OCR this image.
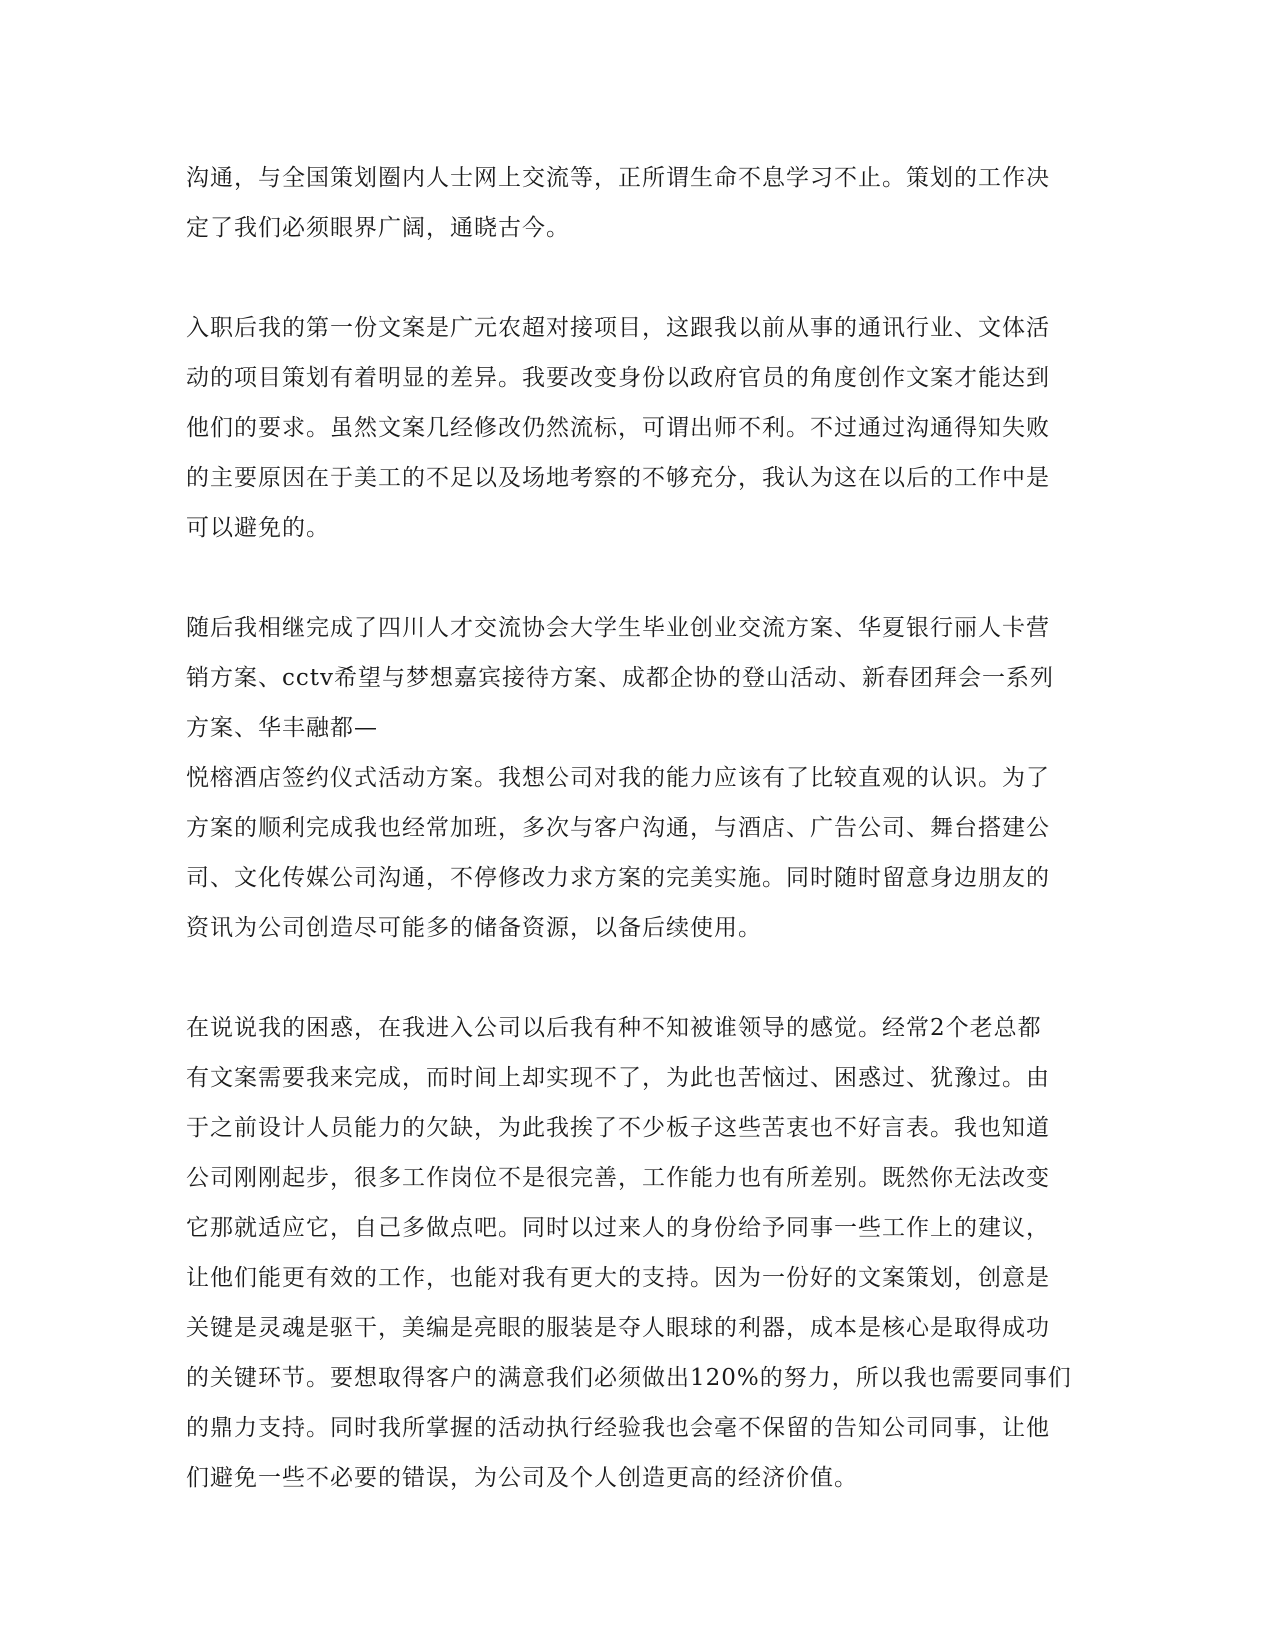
沟通，与全国策划圈内人士网上交流等，正所谓生命不息学习不止。策划的工作决
定了我们必须眼界广阔，通晓古今。
入职后我的第一份文案是广元农超对接项目，这跟我以前从事的通讯行业、文体活
动的项目策划有着明显的差异。我要改变身份以政府官员的角度创作文案才能达到
他们的要求。虽然文案几经修改仍然流标，可谓出师不利。不过通过沟通得知失败
的主要原因在于美工的不足以及场地考察的不够充分，我认为这在以后的工作中是
可以避免的。
随后我相继完成了四川人才交流协会大学生毕业创业交流方案、华夏银行丽人卡营
销方案、cctv希望与梦想嘉宾接待方案、成都企协的登山活动、新春团拜会一系列
方案、华丰融都—
悦榕酒店签约仪式活动方案。我想公司对我的能力应该有了比较直观的认识。为了
方案的顺利完成我也经常加班，多次与客户沟通，与酒店、广告公司、舞台搭建公
司、文化传媒公司沟通，不停修改力求方案的完美实施。同时随时留意身边朋友的
资讯为公司创造尽可能多的储备资源，以备后续使用。
在说说我的困惑，在我进入公司以后我有种不知被谁领导的感觉。经常2个老总都
有文案需要我来完成，而时间上却实现不了，为此也苦恼过、困惑过、犹豫过。由
于之前设计人员能力的欠缺，为此我挨了不少板子这些苦衷也不好言表。我也知道
公司刚刚起步，很多工作岗位不是很完善，工作能力也有所差别。既然你无法改变
它那就适应它，自己多做点吧。同时以过来人的身份给予同事一些工作上的建议，
让他们能更有效的工作，也能对我有更大的支持。因为一份好的文案策划，创意是
关键是灵魂是驱干，美编是亮眼的服装是夺人眼球的利器，成本是核心是取得成功
的关键环节。要想取得客户的满意我们必须做出120%的努力，所以我也需要同事们
的鼎力支持。同时我所掌握的活动执行经验我也会毫不保留的告知公司同事，让他
们避免一些不必要的错误，为公司及个人创造更高的经济价值。
